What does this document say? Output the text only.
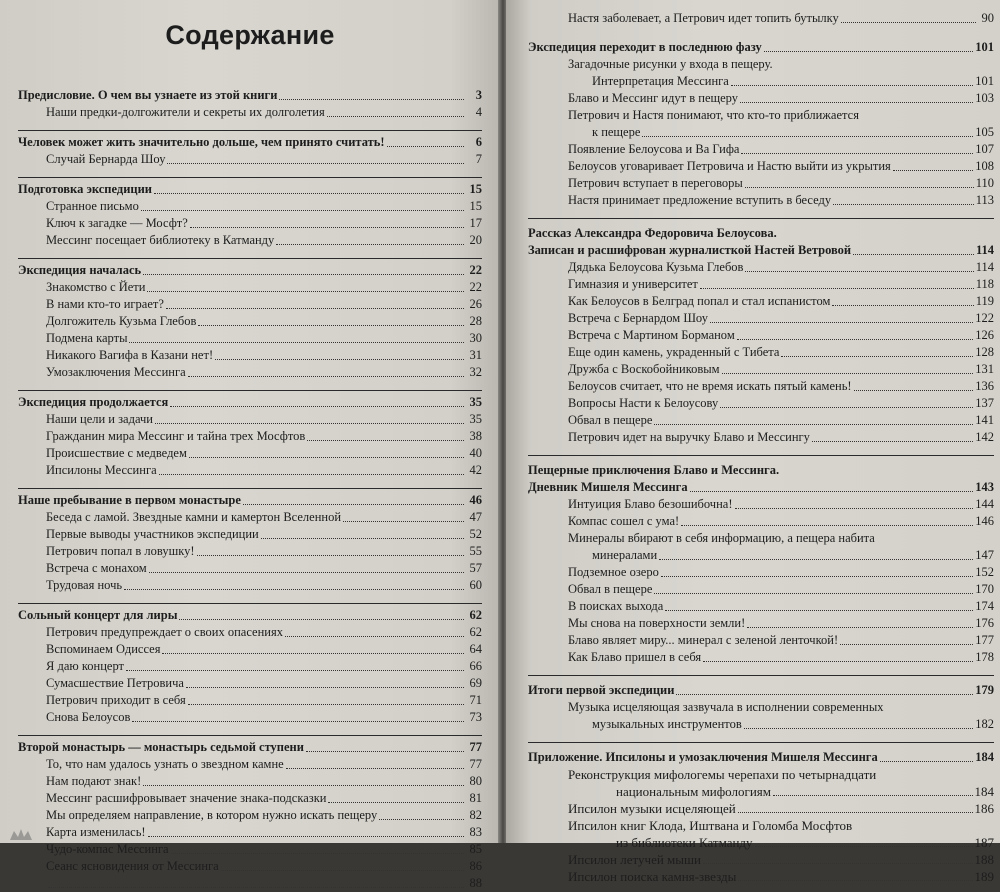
Содержание
Предисловие. О чем вы узнаете из этой книги	3
Наши предки-долгожители и секреты их долголетия	4
Человек может жить значительно дольше, чем принято считать!	6
Случай Бернарда Шоу	7
Подготовка экспедиции	15
Странное письмо	15
Ключ к загадке — Мосфт?	17
Мессинг посещает библиотеку в Катманду	20
Экспедиция началась	22
Знакомство с Йети	22
В нами кто-то играет?	26
Долгожитель Кузьма Глебов	28
Подмена карты	30
Никакого Вагифа в Казани нет!	31
Умозаключения Мессинга	32
Экспедиция продолжается	35
Наши цели и задачи	35
Гражданин мира Мессинг и тайна трех Мосфтов	38
Происшествие с медведем	40
Ипсилоны Мессинга	42
Наше пребывание в первом монастыре	46
Беседа с ламой. Звездные камни и камертон Вселенной	47
Первые выводы участников экспедиции	52
Петрович попал в ловушку!	55
Встреча с монахом	57
Трудовая ночь	60
Сольный концерт для лиры	62
Петрович предупреждает о своих опасениях	62
Вспоминаем Одиссея	64
Я даю концерт	66
Сумасшествие Петровича	69
Петрович приходит в себя	71
Снова Белоусов	73
Второй монастырь — монастырь седьмой ступени	77
То, что нам удалось узнать о звездном камне	77
Нам подают знак!	80
Мессинг расшифровывает значение знака-подсказки	81
Мы определяем направление, в котором нужно искать пещеру	82
Карта изменилась!	83
Чудо-компас Мессинга	85
Сеанс ясновидения от Мессинга	86
88
Настя заболевает, а Петрович идет топить бутылку	90
Экспедиция переходит в последнюю фазу	101
Загадочные рисунки у входа в пещеру.
Интерпретация Мессинга	101
Блаво и Мессинг идут в пещеру	103
Петрович и Настя понимают, что кто-то приближается
к пещере	105
Появление Белоусова и Ва Гифа	107
Белоусов уговаривает Петровича и Настю выйти из укрытия	108
Петрович вступает в переговоры	110
Настя принимает предложение вступить в беседу	113
Рассказ Александра Федоровича Белоусова.
Записан и расшифрован журналисткой Настей Ветровой	114
Дядька Белоусова Кузьма Глебов	114
Гимназия и университет	118
Как Белоусов в Белград попал и стал испанистом	119
Встреча с Бернардом Шоу	122
Встреча с Мартином Борманом	126
Еще один камень, украденный с Тибета	128
Дружба с Воскобойниковым	131
Белоусов считает, что не время искать пятый камень!	136
Вопросы Насти к Белоусову	137
Обвал в пещере	141
Петрович идет на выручку Блаво и Мессингу	142
Пещерные приключения Блаво и Мессинга.
Дневник Мишеля Мессинга	143
Интуиция Блаво безошибочна!	144
Компас сошел с ума!	146
Минералы вбирают в себя информацию, а пещера набита
минералами	147
Подземное озеро	152
Обвал в пещере	170
В поисках выхода	174
Мы снова на поверхности земли!	176
Блаво являет миру... минерал с зеленой ленточкой!	177
Как Блаво пришел в себя	178
Итоги первой экспедиции	179
Музыка исцеляющая зазвучала в исполнении современных
музыкальных инструментов	182
Приложение. Ипсилоны и умозаключения Мишеля Мессинга	184
Реконструкция мифологемы черепахи по четырнадцати
национальным мифологиям	184
Ипсилон музыки исцеляющей	186
Ипсилон книг Клода, Иштвана и Голомба Мосфтов
из библиотеки Катманду	187
Ипсилон летучей мыши	188
Ипсилон поиска камня-звезды	189
